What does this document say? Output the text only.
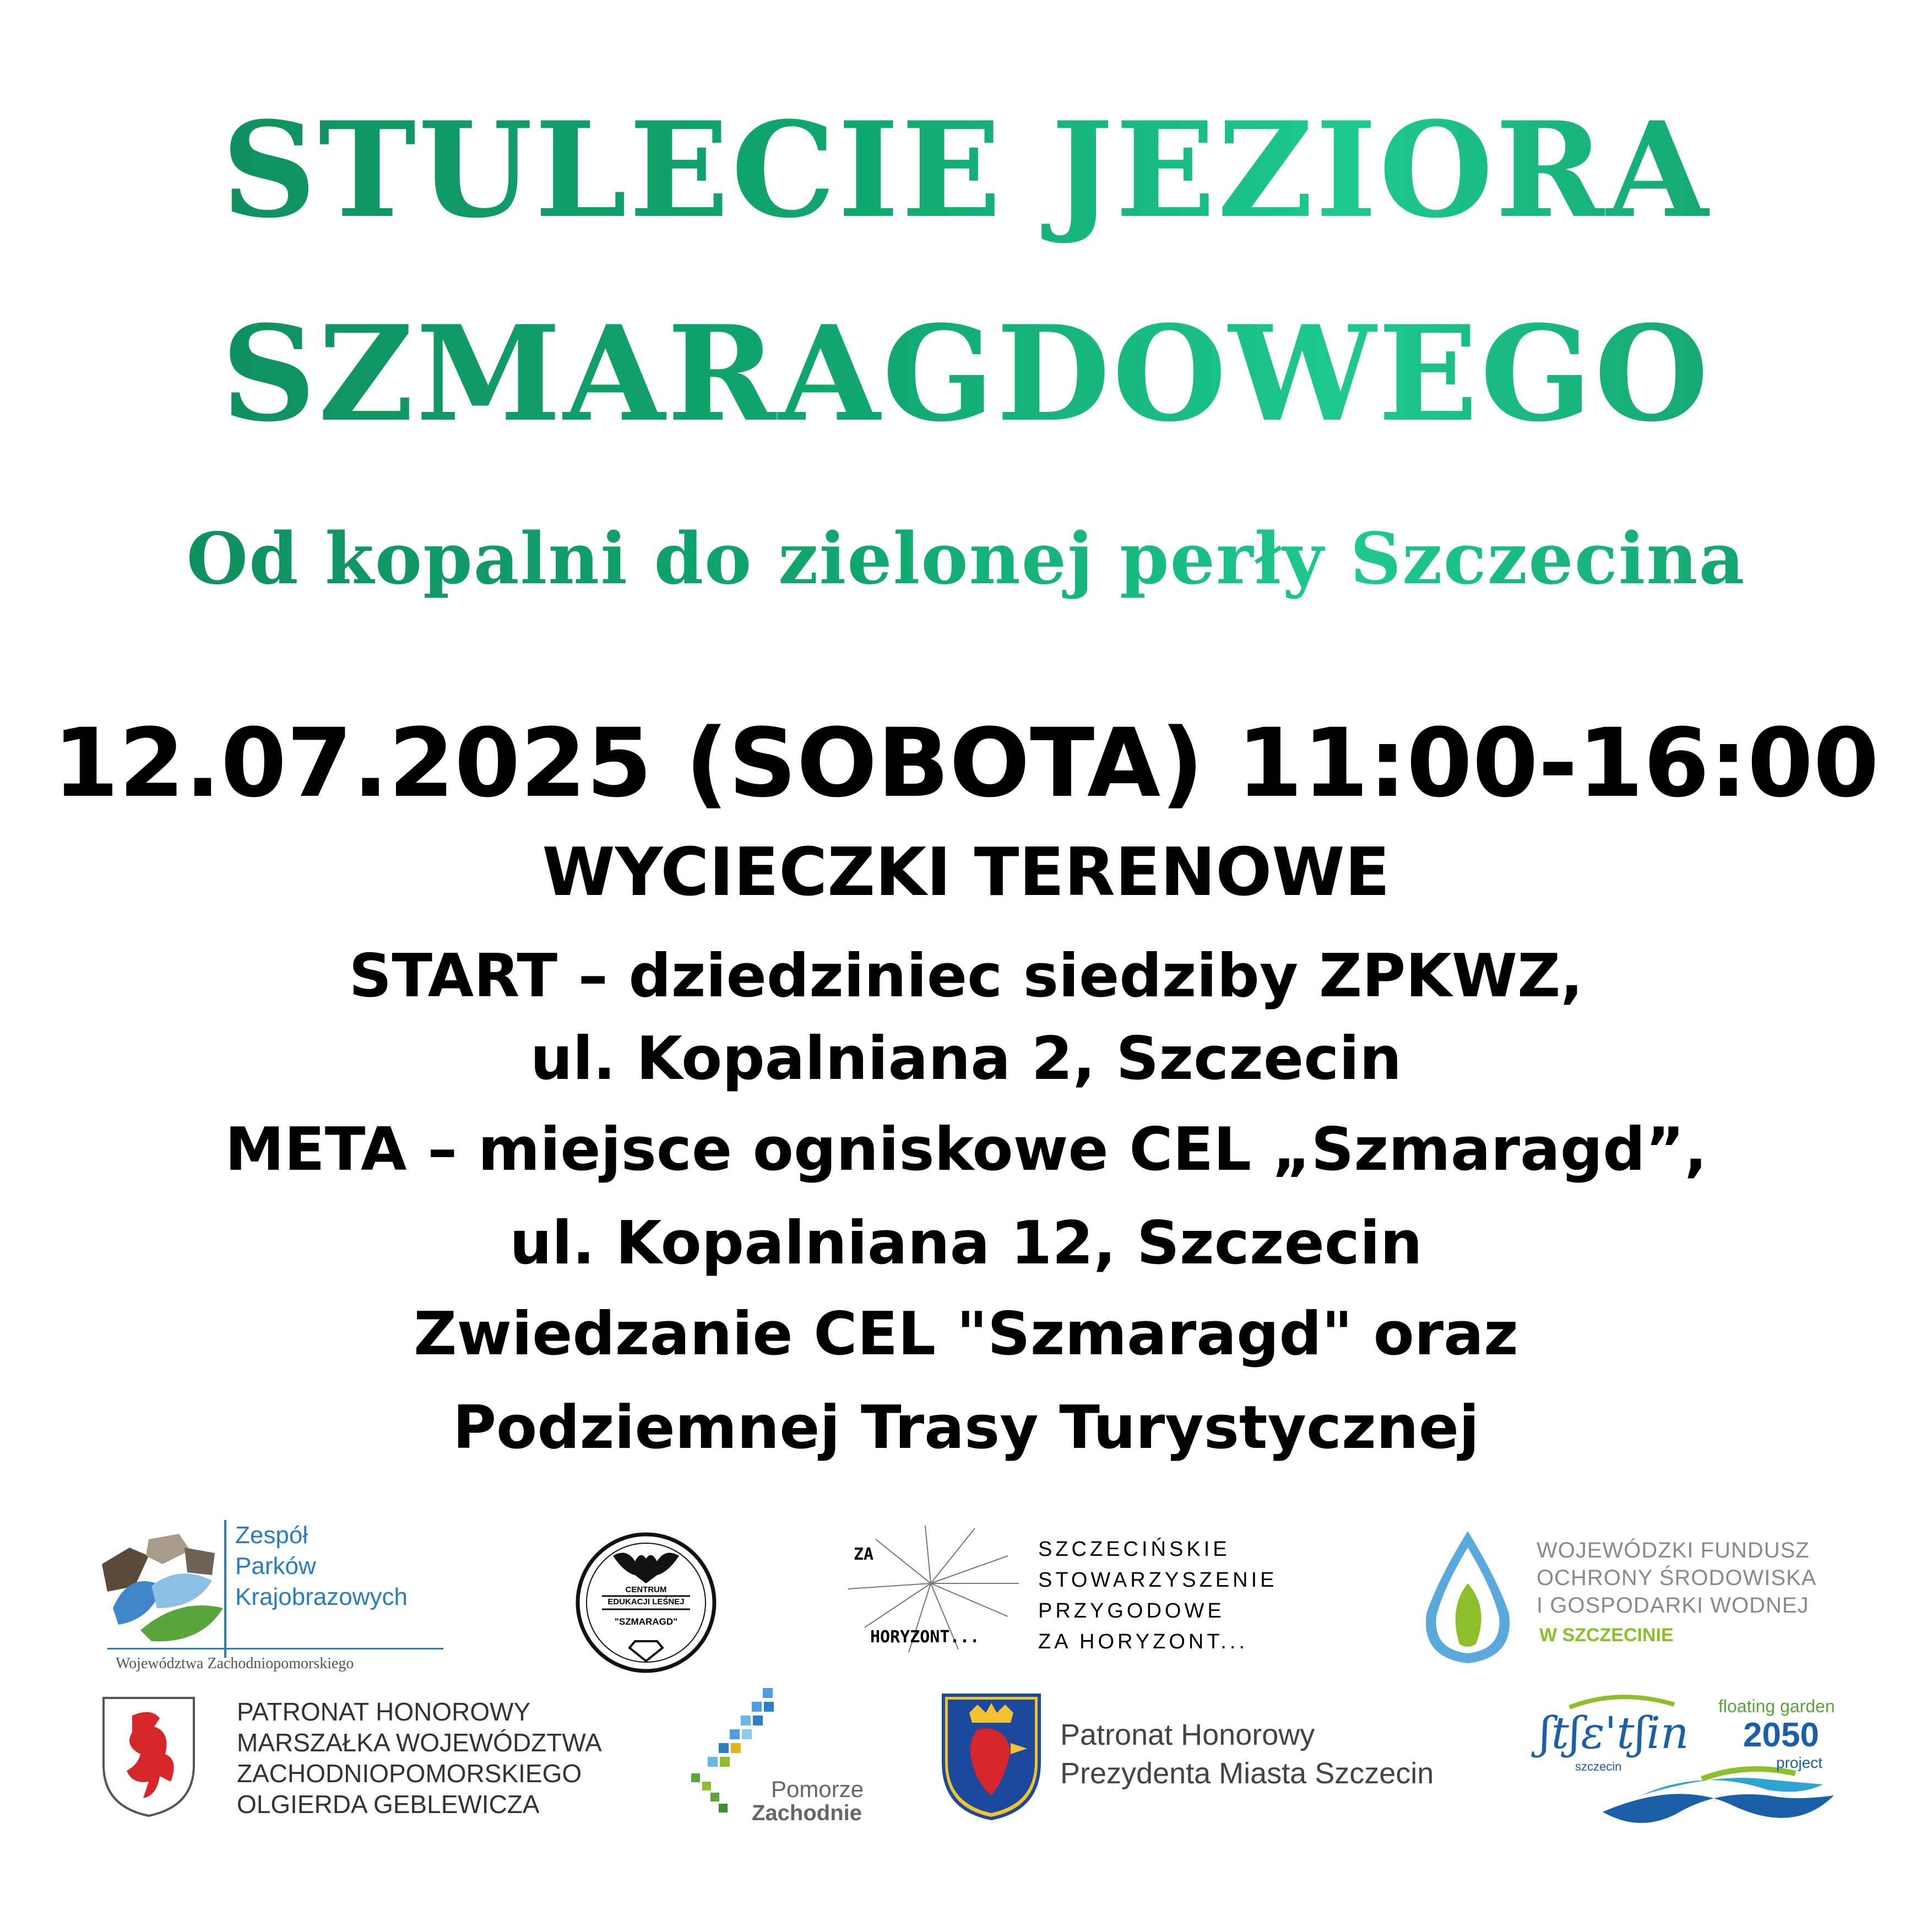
STULECIE JEZIORA
SZMARAGDOWEGO
Od kopalni do zielonej perły Szczecina
12.07.2025 (SOBOTA) 11:00-16:00
WYCIECZKI TERENOWE
START – dziedziniec siedziby ZPKWZ,
ul. Kopalniana 2, Szczecin
META – miejsce ogniskowe CEL „Szmaragd”,
ul. Kopalniana 12, Szczecin
Zwiedzanie CEL "Szmaragd" oraz
Podziemnej Trasy Turystycznej
Zespół
Parków
Krajobrazowych
Województwa Zachodniopomorskiego
CENTRUM
EDUKACJI LEŚNEJ
"SZMARAGD"
ZA
HORYZONT...
SZCZECIŃSKIE
STOWARZYSZENIE
PRZYGODOWE
ZA HORYZONT...
WOJEWÓDZKI FUNDUSZ
OCHRONY ŚRODOWISKA
I GOSPODARKI WODNEJ
W SZCZECINIE
PATRONAT HONOROWY
MARSZAŁKA WOJEWÓDZTWA
ZACHODNIOPOMORSKIEGO
OLGIERDA GEBLEWICZA
Pomorze
Zachodnie
Patronat Honorowy
Prezydenta Miasta Szczecin
floating garden
ʃtʃɛ'tʃin 2050
szczecin	project
